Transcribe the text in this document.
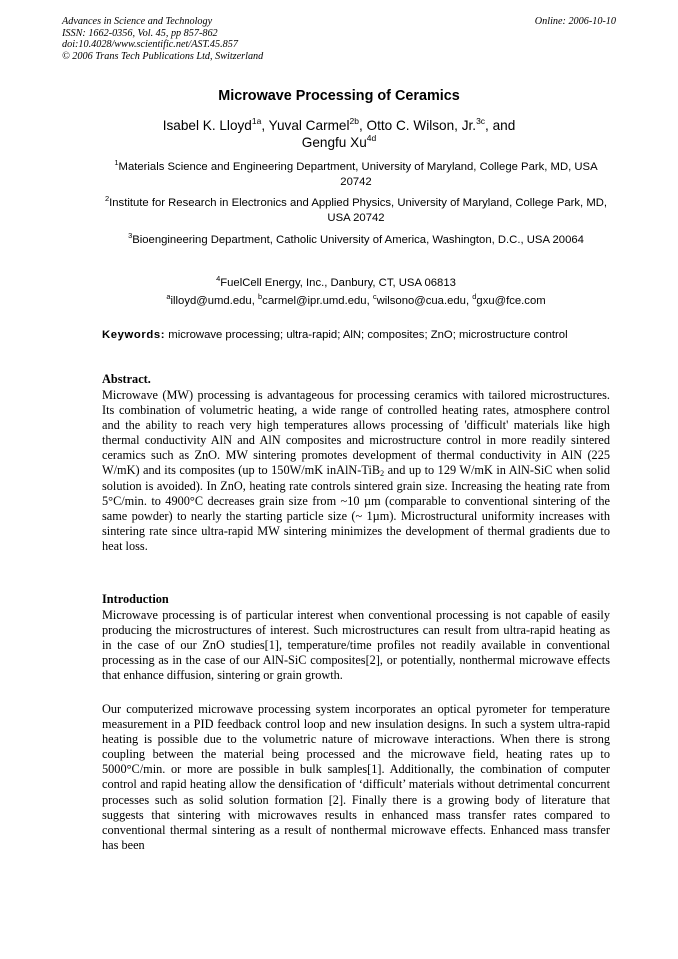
Advances in Science and Technology
ISSN: 1662-0356, Vol. 45, pp 857-862
doi:10.4028/www.scientific.net/AST.45.857
© 2006 Trans Tech Publications Ltd, Switzerland
Online: 2006-10-10
Microwave Processing of Ceramics
Isabel K. Lloyd$^{1a}$, Yuval Carmel$^{2b}$, Otto C. Wilson, Jr.$^{3c}$, and
Gengfu $Xu^{4d}$
$^1$Materials Science and Engineering Department, University of Maryland, College Park, MD, USA 20742
$^2$Institute for Research in Electronics and Applied Physics, University of Maryland, College Park, MD, USA 20742
$^3$Bioengineering Department, Catholic University of America, Washington, D.C., USA 20064
$^4$FuelCell Energy, Inc., Danbury, CT, USA 06813
$^a$illoyd@umd.edu, $^b$carmel@ipr.umd.edu, $^c$wilsono@cua.edu, $^d$gxu@fce.com
Keywords: microwave processing; ultra-rapid; AlN; composites; ZnO; microstructure control
Abstract.
Microwave (MW) processing is advantageous for processing ceramics with tailored microstructures. Its combination of volumetric heating, a wide range of controlled heating rates, atmosphere control and the ability to reach very high temperatures allows processing of 'difficult' materials like high thermal conductivity AlN and AlN composites and microstructure control in more readily sintered ceramics such as ZnO. MW sintering promotes development of thermal conductivity in AlN (225 W/mK) and its composites (up to 150W/mK inAlN-TiB$_2$ and up to 129 W/mK in AlN-SiC when solid solution is avoided). In ZnO, heating rate controls sintered grain size. Increasing the heating rate from 5°C/min. to 4900°C decreases grain size from ~10 µm (comparable to conventional sintering of the same powder) to nearly the starting particle size (~ 1µm). Microstructural uniformity increases with sintering rate since ultra-rapid MW sintering minimizes the development of thermal gradients due to heat loss.
Introduction
Microwave processing is of particular interest when conventional processing is not capable of easily producing the microstructures of interest. Such microstructures can result from ultra-rapid heating as in the case of our ZnO studies[1], temperature/time profiles not readily available in conventional processing as in the case of our AlN-SiC composites[2], or potentially, nonthermal microwave effects that enhance diffusion, sintering or grain growth.
Our computerized microwave processing system incorporates an optical pyrometer for temperature measurement in a PID feedback control loop and new insulation designs. In such a system ultra-rapid heating is possible due to the volumetric nature of microwave interactions. When there is strong coupling between the material being processed and the microwave field, heating rates up to 5000°C/min. or more are possible in bulk samples[1]. Additionally, the combination of computer control and rapid heating allow the densification of ‘difficult’ materials without detrimental concurrent processes such as solid solution formation [2]. Finally there is a growing body of literature that suggests that sintering with microwaves results in enhanced mass transfer rates compared to conventional thermal sintering as a result of nonthermal microwave effects. Enhanced mass transfer has been
